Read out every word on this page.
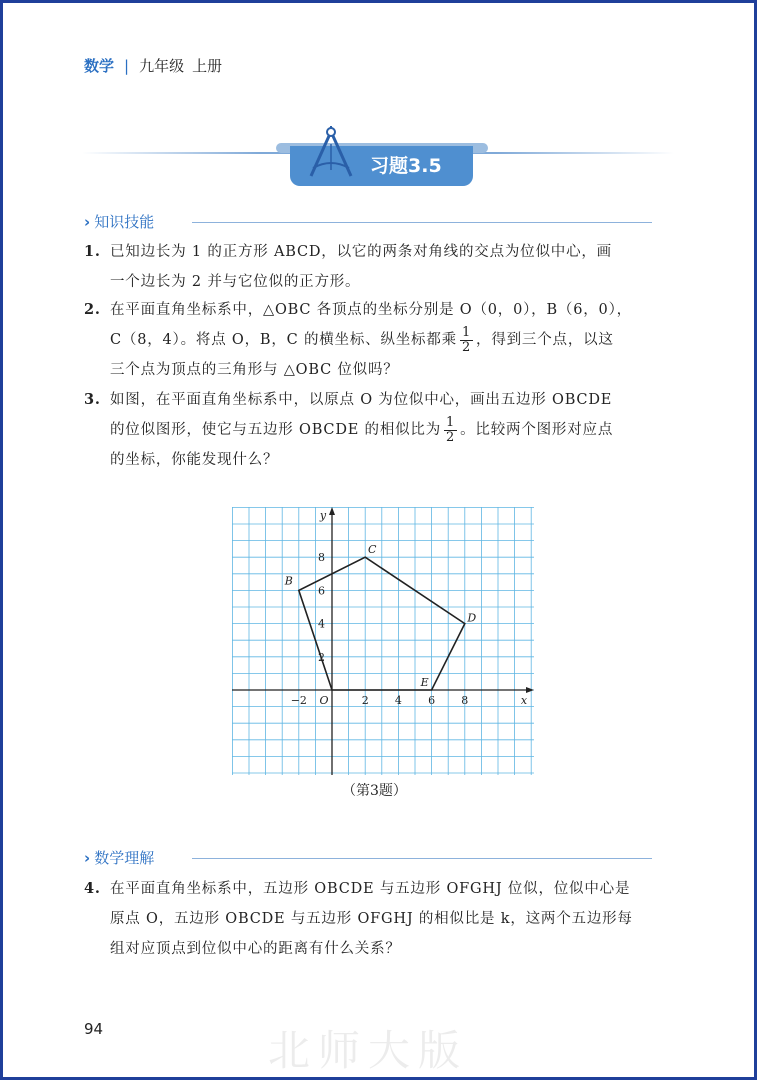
数学 | 九年级 上册
习题3.5
› 知识技能
1. 已知边长为 1 的正方形 ABCD，以它的两条对角线的交点为位似中心，画
一个边长为 2 并与它位似的正方形。
2. 在平面直角坐标系中，△OBC 各顶点的坐标分别是 O（0，0），B（6，0），
C（8，4）。将点 O，B，C 的横坐标、纵坐标都乘 $\frac{1}{2}$ ，得到三个点，以这
三个点为顶点的三角形与 △OBC 位似吗？
3. 如图，在平面直角坐标系中，以原点 O 为位似中心，画出五边形 OBCDE
的位似图形，使它与五边形 OBCDE 的相似比为 $\frac{1}{2}$ 。比较两个图形对应点
的坐标，你能发现什么？
x
y
O
−2	2 4 6 8
2
4
6
8
B
C
D
E
（第3题）
› 数学理解
4. 在平面直角坐标系中，五边形 OBCDE 与五边形 OFGHJ 位似，位似中心是
原点 O，五边形 OBCDE 与五边形 OFGHJ 的相似比是 k，这两个五边形每
组对应顶点到位似中心的距离有什么关系？
94	北师大版
